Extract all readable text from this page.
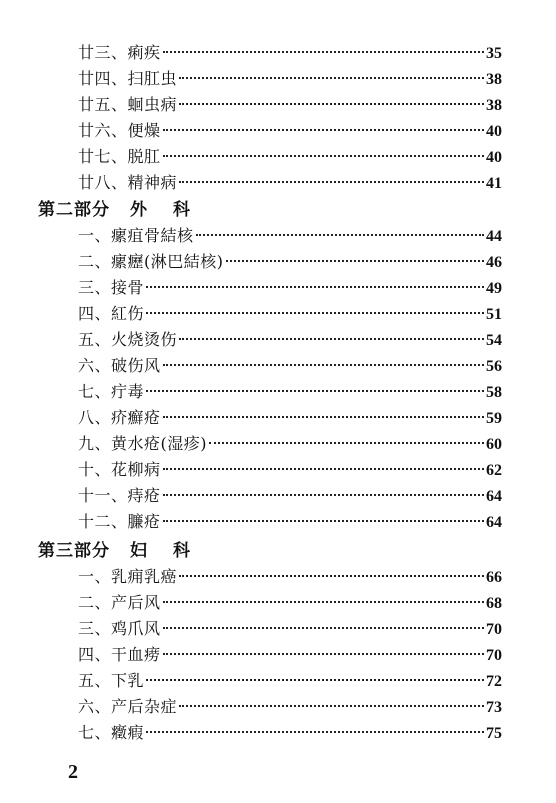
廿三、痢疾	35
廿四、扫肛虫	38
廿五、蛔虫病	38
廿六、便燥	40
廿七、脱肛	40
廿八、精神病	41
第二部分 外科
一、瘰疽骨結核	44
二、瘰癧(淋巴結核)	46
三、接骨	49
四、紅伤	51
五、火烧烫伤	54
六、破伤风	56
七、疔毒	58
八、疥癬疮	59
九、黄水疮(湿疹)	60
十、花柳病	62
十一、痔疮	64
十二、臁疮	64
第三部分 妇科
一、乳痈乳癌	66
二、产后风	68
三、鸡爪风	70
四、干血痨	70
五、下乳	72
六、产后杂症	73
七、癥瘕	75
2
